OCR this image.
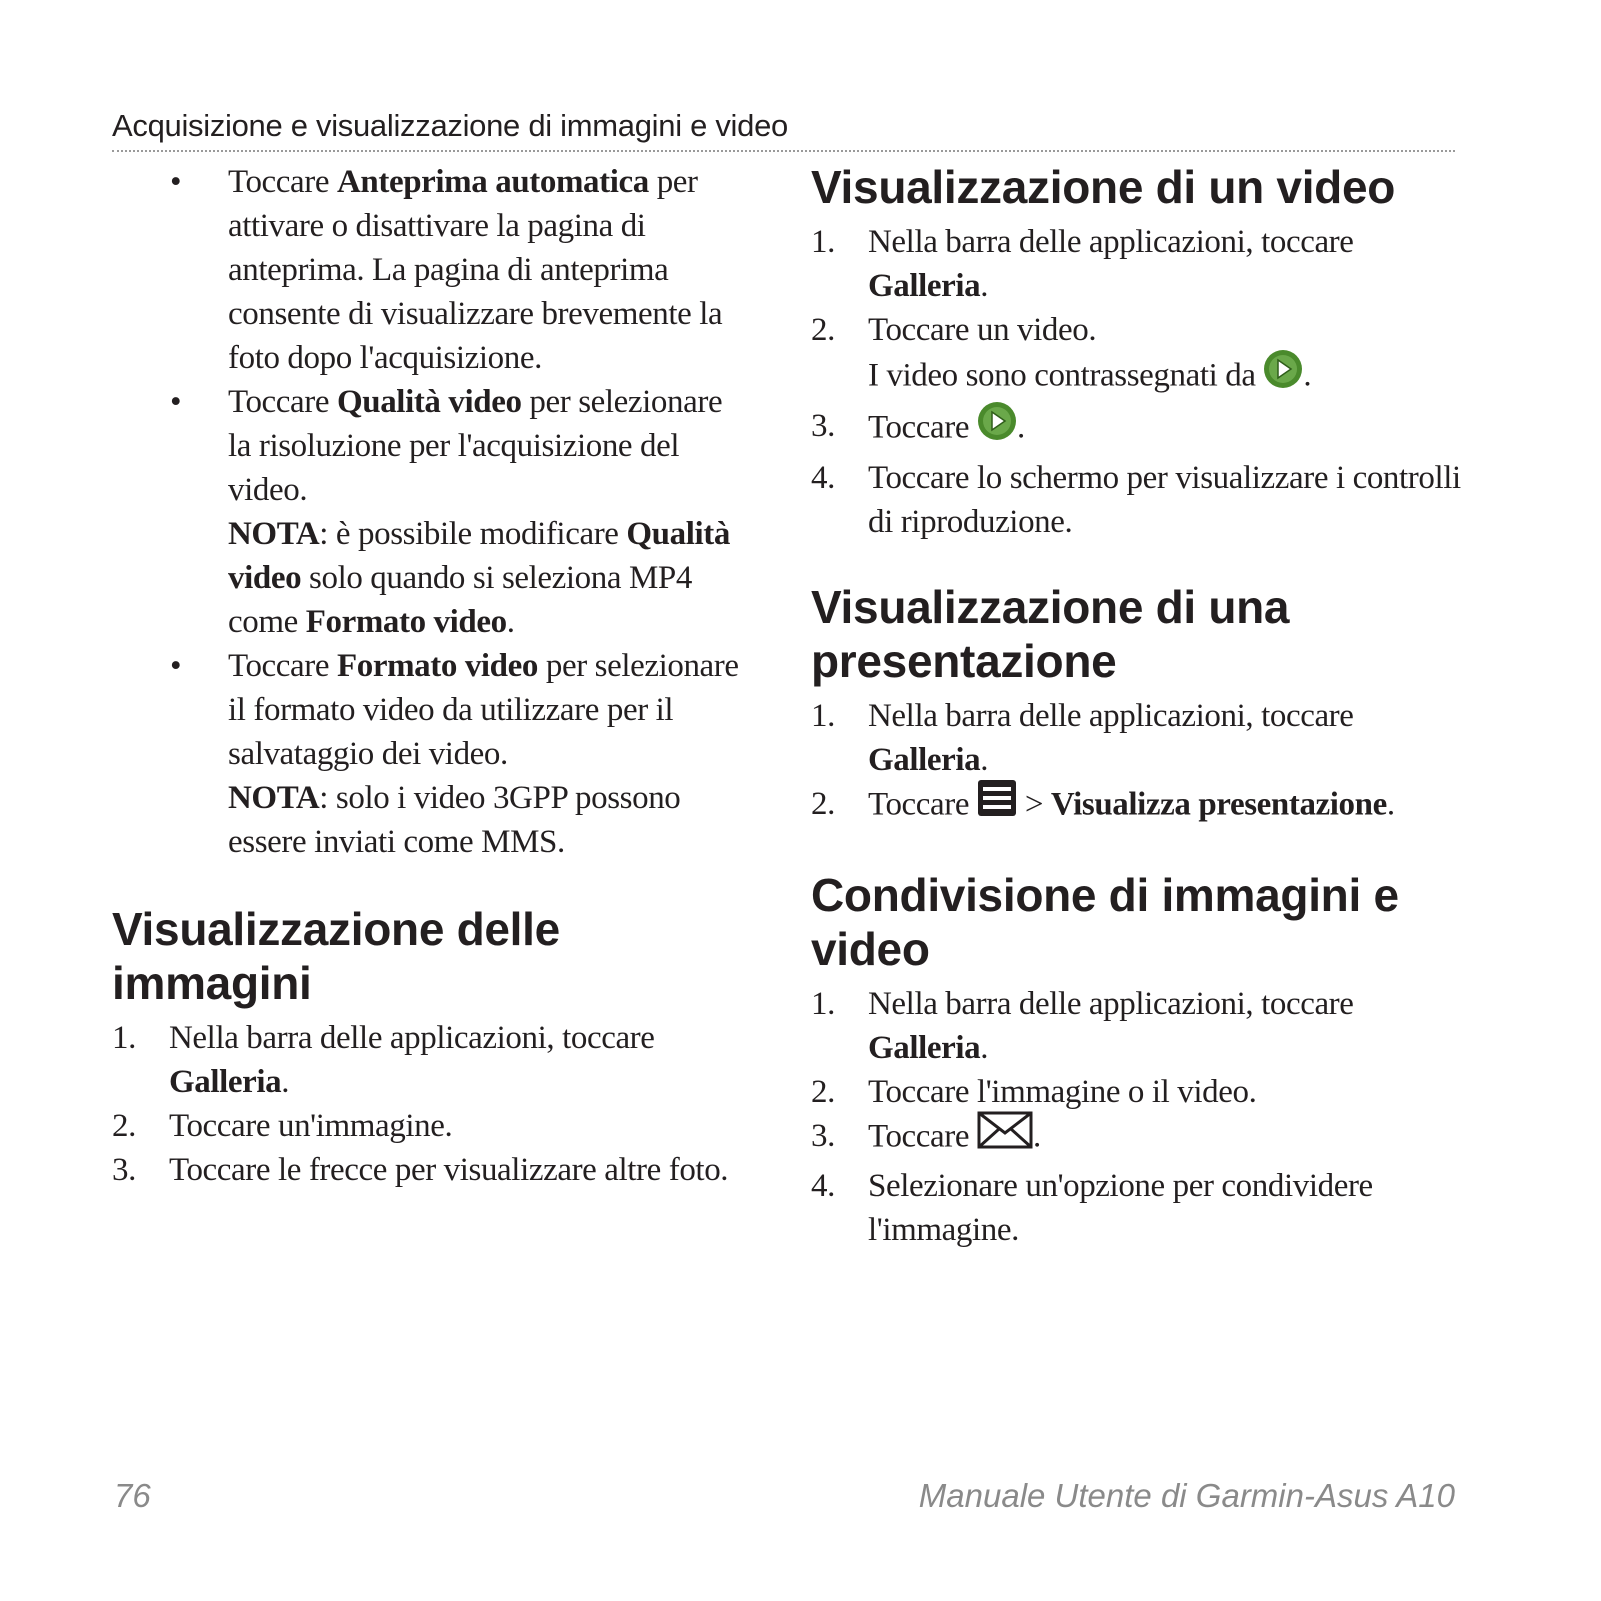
Acquisizione e visualizzazione di immagini e video

• Toccare Anteprima automatica per attivare o disattivare la pagina di anteprima. La pagina di anteprima consente di visualizzare brevemente la foto dopo l'acquisizione.

• Toccare Qualità video per selezionare la risoluzione per l'acquisizione del video.

NOTA: è possibile modificare Qualità video solo quando si seleziona MP4 come Formato video.

• Toccare Formato video per selezionare il formato video da utilizzare per il salvataggio dei video.

NOTA: solo i video 3GPP possono essere inviati come MMS.

Visualizzazione delle immagini

1. Nella barra delle applicazioni, toccare Galleria.

2. Toccare un'immagine.

3. Toccare le frecce per visualizzare altre foto.

Visualizzazione di un video

1. Nella barra delle applicazioni, toccare Galleria.

2. Toccare un video.

I video sono contrassegnati da .

3. Toccare .

4. Toccare lo schermo per visualizzare i controlli di riproduzione.

Visualizzazione di una presentazione

1. Nella barra delle applicazioni, toccare Galleria.

2. Toccare  > Visualizza presentazione.

Condivisione di immagini e video

1. Nella barra delle applicazioni, toccare Galleria.

2. Toccare l'immagine o il video.

3. Toccare .

4. Selezionare un'opzione per condividere l'immagine.

76	Manuale Utente di Garmin-Asus A10
